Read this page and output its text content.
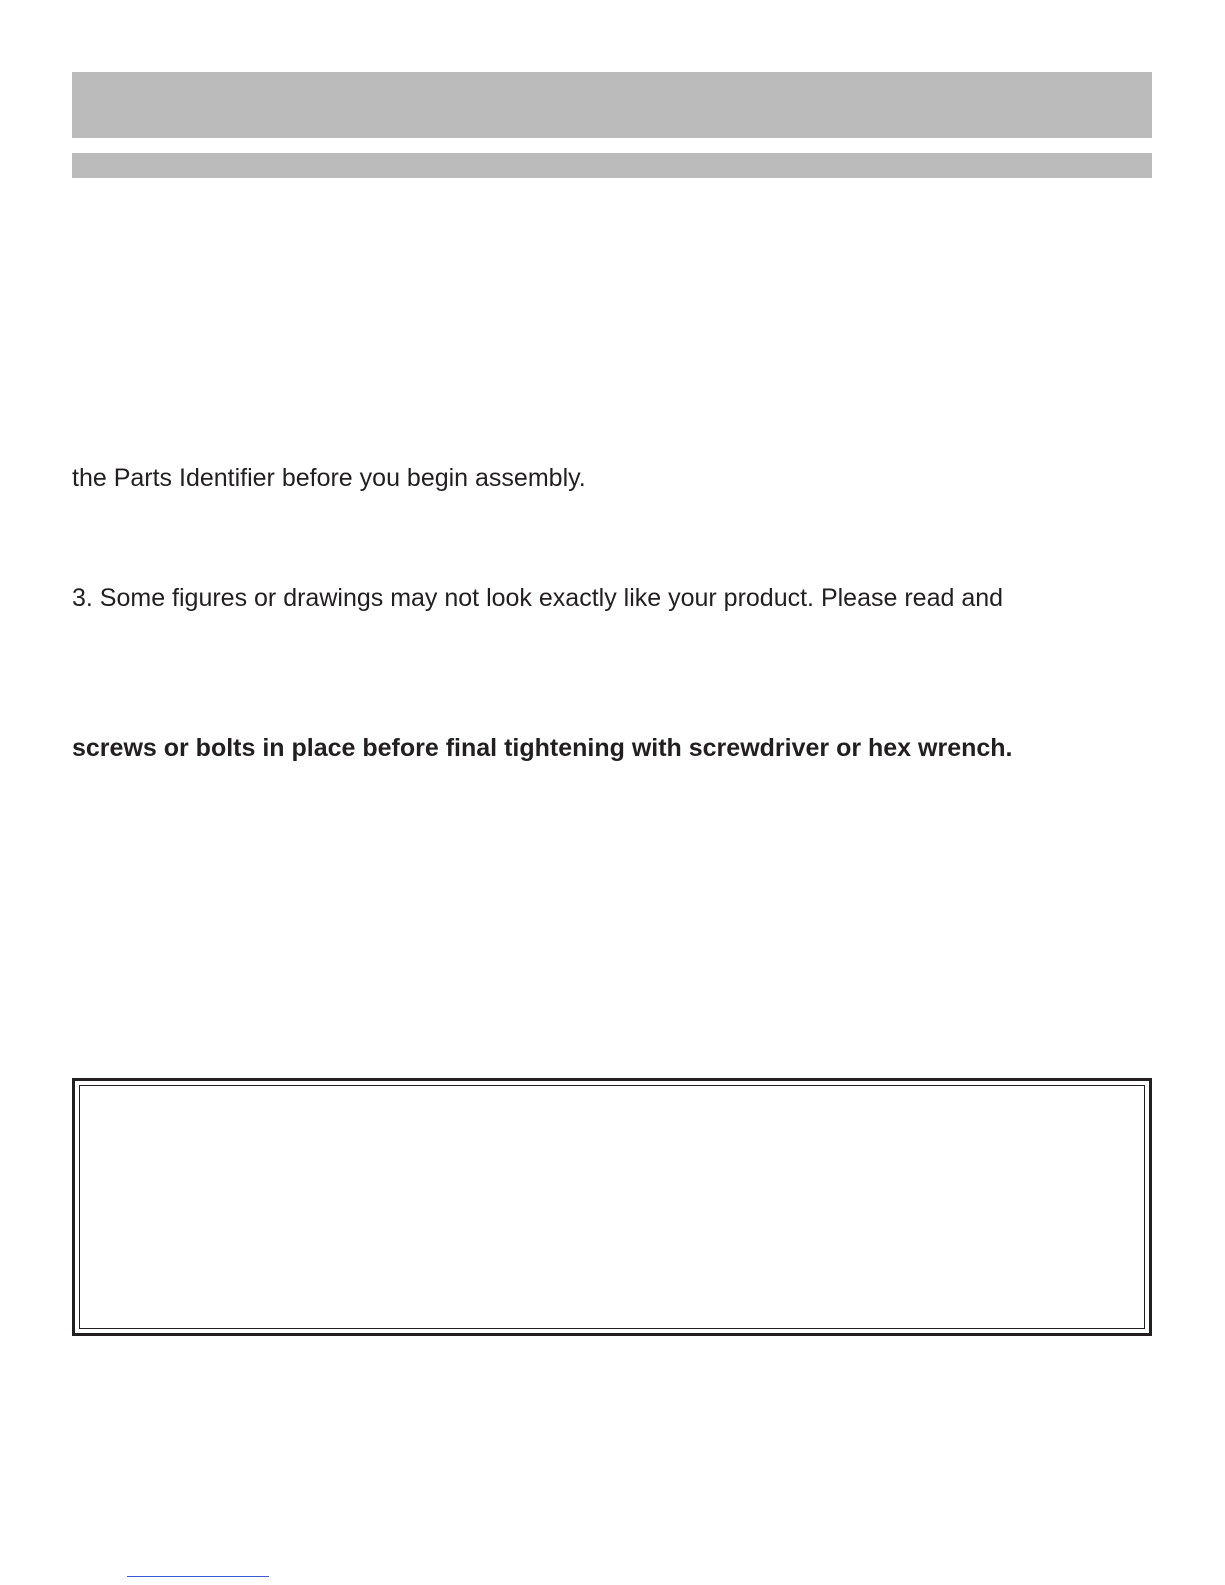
the Parts Identifier before you begin assembly.

3. Some figures or drawings may not look exactly like your product. Please read and

screws or bolts in place before final tightening with screwdriver or hex wrench.
